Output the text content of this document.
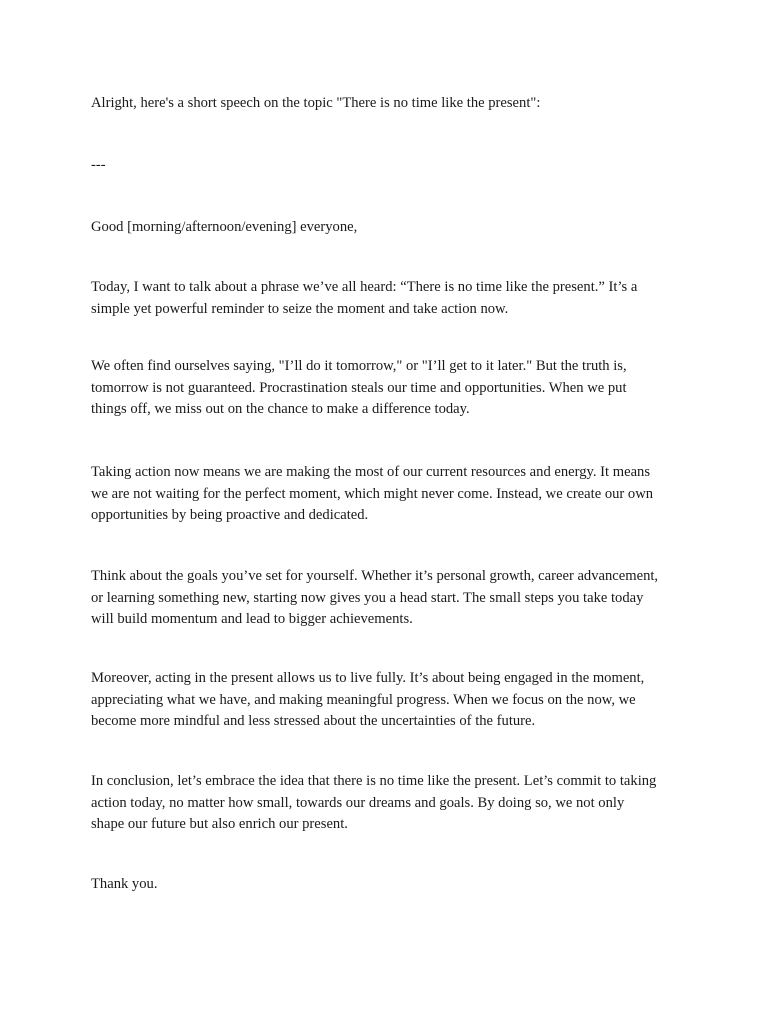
Alright, here's a short speech on the topic "There is no time like the present":

---

Good [morning/afternoon/evening] everyone,

Today, I want to talk about a phrase we’ve all heard: “There is no time like the present.” It’s a
simple yet powerful reminder to seize the moment and take action now.

We often find ourselves saying, "I’ll do it tomorrow," or "I’ll get to it later." But the truth is,
tomorrow is not guaranteed. Procrastination steals our time and opportunities. When we put
things off, we miss out on the chance to make a difference today.

Taking action now means we are making the most of our current resources and energy. It means
we are not waiting for the perfect moment, which might never come. Instead, we create our own
opportunities by being proactive and dedicated.

Think about the goals you’ve set for yourself. Whether it’s personal growth, career advancement,
or learning something new, starting now gives you a head start. The small steps you take today
will build momentum and lead to bigger achievements.

Moreover, acting in the present allows us to live fully. It’s about being engaged in the moment,
appreciating what we have, and making meaningful progress. When we focus on the now, we
become more mindful and less stressed about the uncertainties of the future.

In conclusion, let’s embrace the idea that there is no time like the present. Let’s commit to taking
action today, no matter how small, towards our dreams and goals. By doing so, we not only
shape our future but also enrich our present.

Thank you.
